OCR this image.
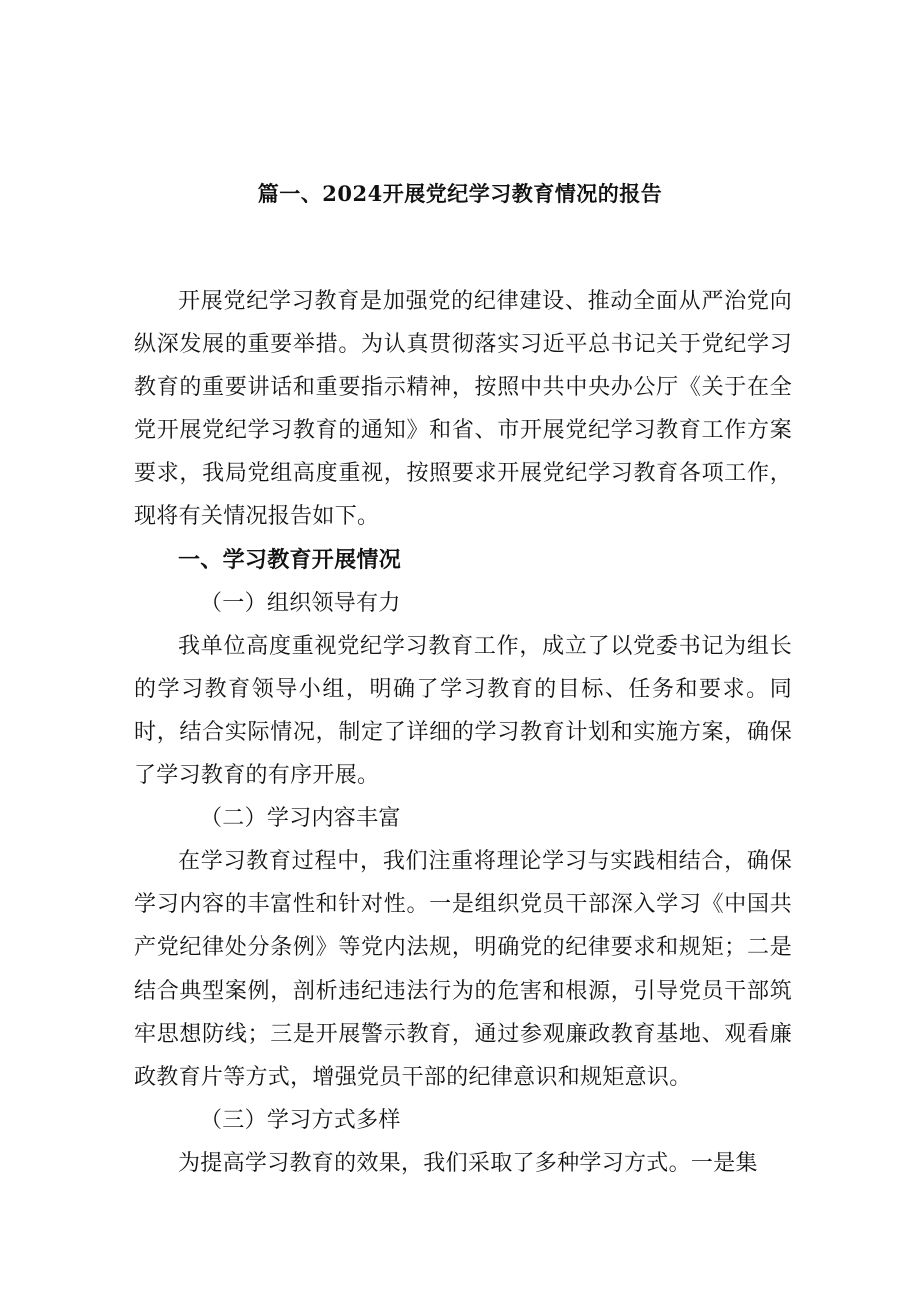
篇一、2024开展党纪学习教育情况的报告

开展党纪学习教育是加强党的纪律建设、推动全面从严治党向纵深发展的重要举措。为认真贯彻落实习近平总书记关于党纪学习教育的重要讲话和重要指示精神，按照中共中央办公厅《关于在全党开展党纪学习教育的通知》和省、市开展党纪学习教育工作方案要求，我局党组高度重视，按照要求开展党纪学习教育各项工作，现将有关情况报告如下。

一、学习教育开展情况

（一）组织领导有力

我单位高度重视党纪学习教育工作，成立了以党委书记为组长的学习教育领导小组，明确了学习教育的目标、任务和要求。同时，结合实际情况，制定了详细的学习教育计划和实施方案，确保了学习教育的有序开展。

（二）学习内容丰富

在学习教育过程中，我们注重将理论学习与实践相结合，确保学习内容的丰富性和针对性。一是组织党员干部深入学习《中国共产党纪律处分条例》等党内法规，明确党的纪律要求和规矩；二是结合典型案例，剖析违纪违法行为的危害和根源，引导党员干部筑牢思想防线；三是开展警示教育，通过参观廉政教育基地、观看廉政教育片等方式，增强党员干部的纪律意识和规矩意识。

（三）学习方式多样

为提高学习教育的效果，我们采取了多种学习方式。一是集
